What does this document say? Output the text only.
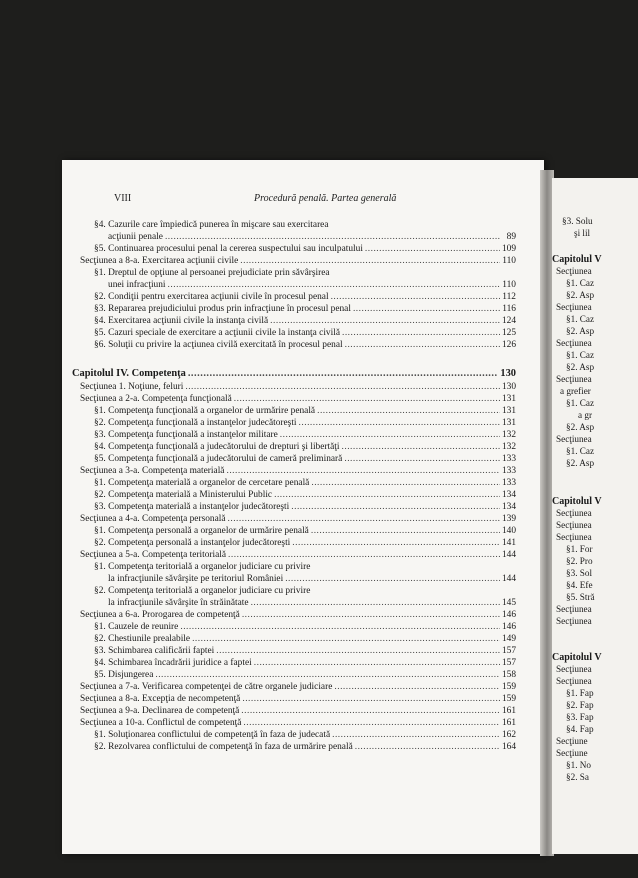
VIII	Procedură penală. Partea generală
§4. Cazurile care împiedică punerea în mişcare sau exercitarea
acţiunii penale .....	89
§5. Continuarea procesului penal la cererea suspectului sau inculpatului .....	109
Secţiunea a 8-a. Exercitarea acţiunii civile .....	110
§1. Dreptul de opţiune al persoanei prejudiciate prin săvârşirea
unei infracţiuni .....	110
§2. Condiţii pentru exercitarea acţiunii civile în procesul penal .....	112
§3. Repararea prejudiciului produs prin infracţiune în procesul penal .....	116
§4. Exercitarea acţiunii civile la instanţa civilă .....	124
§5. Cazuri speciale de exercitare a acţiunii civile la instanţa civilă .....	125
§6. Soluţii cu privire la acţiunea civilă exercitată în procesul penal .....	126
Capitolul IV. Competenţa .....	130
Secţiunea 1. Noţiune, feluri .....	130
Secţiunea a 2-a. Competenţa funcţională .....	131
§1. Competenţa funcţională a organelor de urmărire penală .....	131
§2. Competenţa funcţională a instanţelor judecătoreşti .....	131
§3. Competenţa funcţională a instanţelor militare .....	132
§4. Competenţa funcţională a judecătorului de drepturi şi libertăţi .....	132
§5. Competenţa funcţională a judecătorului de cameră preliminară .....	133
Secţiunea a 3-a. Competenţa materială .....	133
§1. Competenţa materială a organelor de cercetare penală .....	133
§2. Competenţa materială a Ministerului Public .....	134
§3. Competenţa materială a instanţelor judecătoreşti .....	134
Secţiunea a 4-a. Competenţa personală .....	139
§1. Competenţa personală a organelor de urmărire penală .....	140
§2. Competenţa personală a instanţelor judecătoreşti .....	141
Secţiunea a 5-a. Competenţa teritorială .....	144
§1. Competenţa teritorială a organelor judiciare cu privire
la infracţiunile săvârşite pe teritoriul României .....	144
§2. Competenţa teritorială a organelor judiciare cu privire
la infracţiunile săvârşite în străinătate .....	145
Secţiunea a 6-a. Prorogarea de competenţă .....	146
§1. Cauzele de reunire .....	146
§2. Chestiunile prealabile .....	149
§3. Schimbarea calificării faptei .....	157
§4. Schimbarea încadrării juridice a faptei .....	157
§5. Disjungerea .....	158
Secţiunea a 7-a. Verificarea competenţei de către organele judiciare .....	159
Secţiunea a 8-a. Excepţia de necompetenţă .....	159
Secţiunea a 9-a. Declinarea de competenţă .....	161
Secţiunea a 10-a. Conflictul de competenţă .....	161
§1. Soluţionarea conflictului de competenţă în faza de judecată .....	162
§2. Rezolvarea conflictului de competenţă în faza de urmărire penală .....	164
§3. Solu
şi lil
Capitolul V
Secţiunea
§1. Caz
§2. Asp
Secţiunea
§1. Caz
§2. Asp
Secţiunea
§1. Caz
§2. Asp
Secţiunea
a grefier
§1. Caz
a gr
§2. Asp
Secţiunea
§1. Caz
§2. Asp
Capitolul V
Secţiunea
Secţiunea
Secţiunea
§1. For
§2. Pro
§3. Sol
§4. Efe
§5. Stră
Secţiunea
Secţiunea
Capitolul V
Secţiunea
Secţiunea
§1. Fap
§2. Fap
§3. Fap
§4. Fap
Secţiune
Secţiune
§1. No
§2. Sa
